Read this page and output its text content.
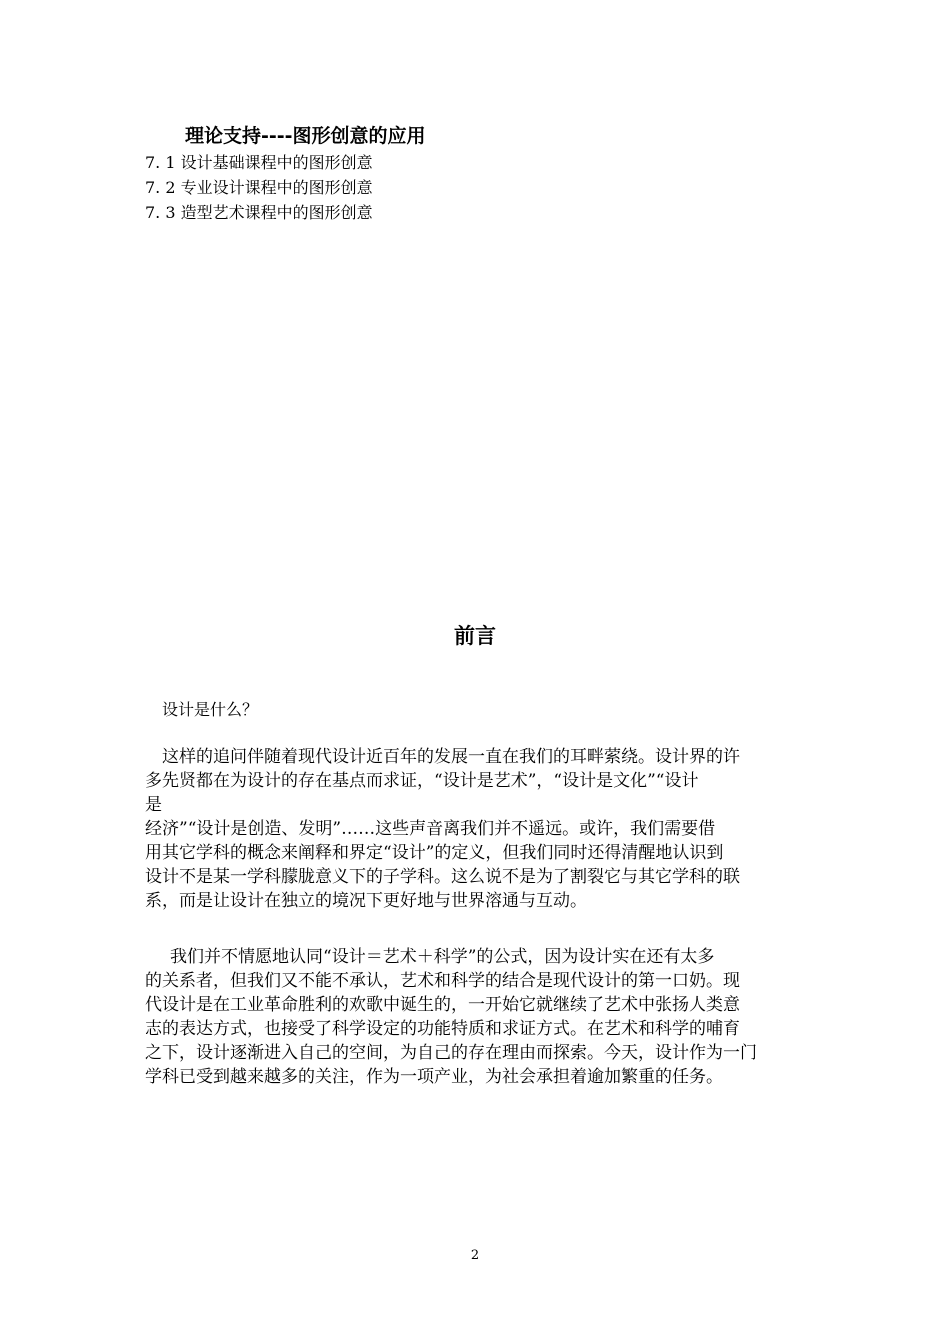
理论支持----图形创意的应用
7. 1 设计基础课程中的图形创意
7. 2 专业设计课程中的图形创意
7. 3 造型艺术课程中的图形创意
前言
设计是什么？
这样的追问伴随着现代设计近百年的发展一直在我们的耳畔萦绕。设计界的许
多先贤都在为设计的存在基点而求证，“设计是艺术”，“设计是文化”“设计
是
经济”“设计是创造、发明”……这些声音离我们并不遥远。或许，我们需要借
用其它学科的概念来阐释和界定“设计”的定义，但我们同时还得清醒地认识到
设计不是某一学科朦胧意义下的子学科。这么说不是为了割裂它与其它学科的联
系，而是让设计在独立的境况下更好地与世界溶通与互动。
我们并不情愿地认同“设计＝艺术＋科学”的公式，因为设计实在还有太多
的关系者，但我们又不能不承认，艺术和科学的结合是现代设计的第一口奶。现
代设计是在工业革命胜利的欢歌中诞生的，一开始它就继续了艺术中张扬人类意
志的表达方式，也接受了科学设定的功能特质和求证方式。在艺术和科学的哺育
之下，设计逐渐进入自己的空间，为自己的存在理由而探索。今天，设计作为一门
学科已受到越来越多的关注，作为一项产业，为社会承担着逾加繁重的任务。
2
